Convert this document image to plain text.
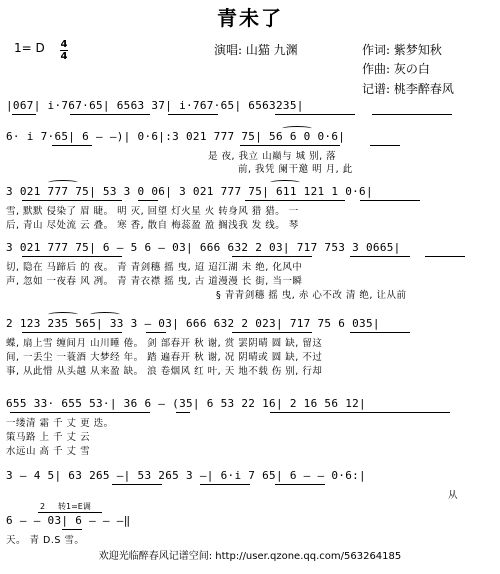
青未了
1= D 4
4	演唱: 山猫 九渊	作词: 紫梦知秋
作曲: 灰の白
记谱: 桃李醉春风
|067| i·767·65| 6563 37| i·767·65| 6563235|
6· i 7·65| 6 — —)| 0·6|:3 021 777 75| 56 6 0 0·6|
是 夜, 我立 山巅与 城 别, 落
前, 我凭 阑干邀 明 月, 此
3 021 777 75| 53 3 0 06| 3 021 777 75| 611 121 1 0·6|
雪, 默默 侵染了 眉 睫。 明 灭, 回望 灯火星 火 转身风 猎 猎。 一
后, 青山 尽处流 云 叠。 寒 香, 散自 梅蕊盈 盈 搁浅我 发 线。 琴
3 021 777 75| 6 — 5 6 — 03| 666 632 2 03| 717 753 3 0665|
切, 隐在 马蹄后 的 夜。 青 青剑穗 摇 曳, 迢 迢江湖 未 绝, 化风中
声, 忽如 一夜春 风 冽。 青 青衣襟 摇 曳, 古 道漫漫 长 街, 当一瞬
§ 青青剑穗 摇 曳, 赤 心不改 清 绝, 让从前
2 123 235 565| 33 3 — 03| 666 632 2 023| 717 75 6 035|
蝶, 扇上雪 缠间月 山川睡 倦。 剑 部春开 秋 谢, 赏 罢阴晴 圆 缺, 留这
间, 一丢尘 一蓑酒 大梦经 年。 踏 遍春开 秋 谢, 况 阴晴或 圆 缺, 不过
事, 从此惜 从头越 从来盈 缺。 浪 卷烟风 红 叶, 天 地不载 伤 别, 行却
655 33· 655 53·| 36 6 — (35| 6 53 22 16| 2 16 56 12|
一缕清 霜 千 丈 更 迭。
策马路 上 千 丈 云
水远山 高 千 丈 雪
3 — 4 5| 63 265 —| 53 265 3 —| 6·i 7 65| 6 — — 0·6:|
从
2 转1=E调
6 — — 03| 6 — — —‖
天。 青 D.S 雪。
欢迎光临醉春风记谱空间: http://user.qzone.qq.com/563264185
